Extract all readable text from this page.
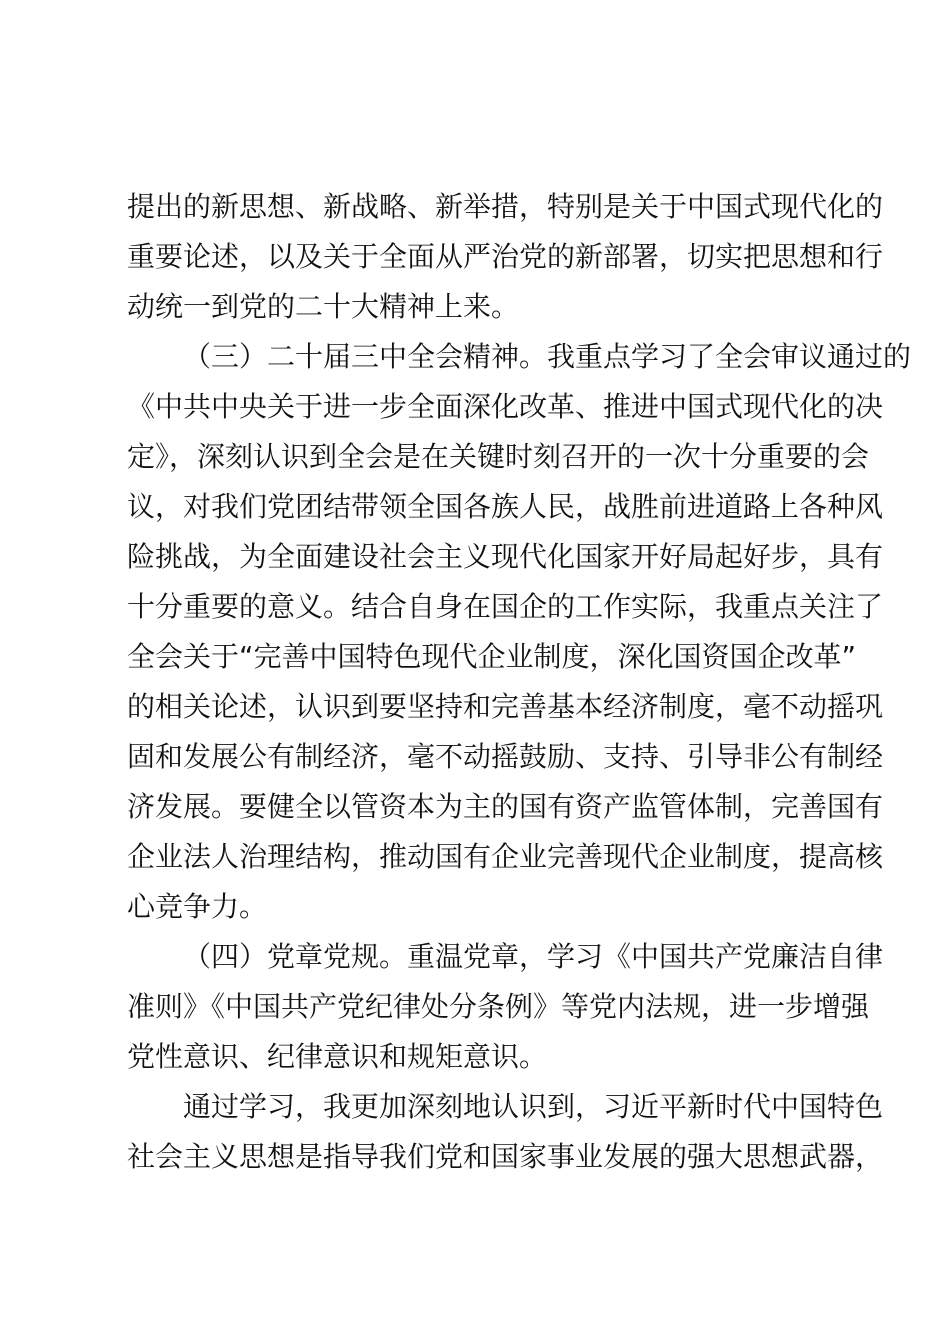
提出的新思想、新战略、新举措，特别是关于中国式现代化的
重要论述，以及关于全面从严治党的新部署，切实把思想和行
动统一到党的二十大精神上来。
（三）二十届三中全会精神。我重点学习了全会审议通过的
《中共中央关于进一步全面深化改革、推进中国式现代化的决
定》，深刻认识到全会是在关键时刻召开的一次十分重要的会
议，对我们党团结带领全国各族人民，战胜前进道路上各种风
险挑战，为全面建设社会主义现代化国家开好局起好步，具有
十分重要的意义。结合自身在国企的工作实际，我重点关注了
全会关于“完善中国特色现代企业制度，深化国资国企改革”
的相关论述，认识到要坚持和完善基本经济制度，毫不动摇巩
固和发展公有制经济，毫不动摇鼓励、支持、引导非公有制经
济发展。要健全以管资本为主的国有资产监管体制，完善国有
企业法人治理结构，推动国有企业完善现代企业制度，提高核
心竞争力。
（四）党章党规。重温党章，学习《中国共产党廉洁自律
准则》《中国共产党纪律处分条例》等党内法规，进一步增强
党性意识、纪律意识和规矩意识。
通过学习，我更加深刻地认识到，习近平新时代中国特色
社会主义思想是指导我们党和国家事业发展的强大思想武器，
